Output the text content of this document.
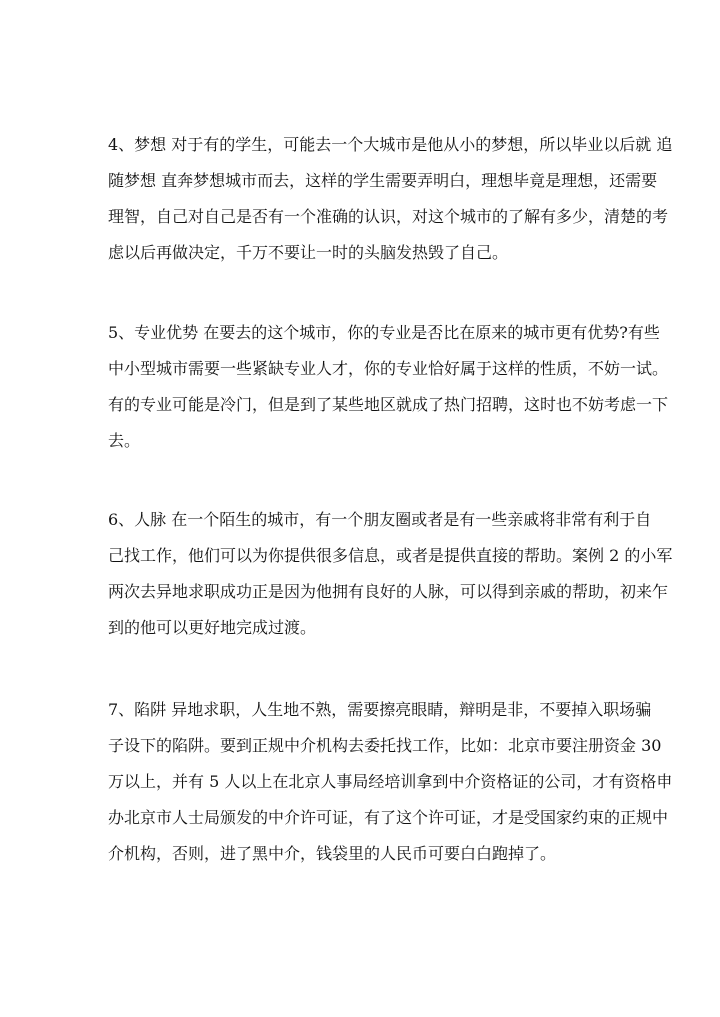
4、梦想 对于有的学生，可能去一个大城市是他从小的梦想，所以毕业以后就 追
随梦想 直奔梦想城市而去，这样的学生需要弄明白，理想毕竟是理想，还需要
理智，自己对自己是否有一个准确的认识，对这个城市的了解有多少，清楚的考
虑以后再做决定，千万不要让一时的头脑发热毁了自己。
5、专业优势 在要去的这个城市，你的专业是否比在原来的城市更有优势?有些
中小型城市需要一些紧缺专业人才，你的专业恰好属于这样的性质，不妨一试。
有的专业可能是冷门，但是到了某些地区就成了热门招聘，这时也不妨考虑一下
去。
6、人脉 在一个陌生的城市，有一个朋友圈或者是有一些亲戚将非常有利于自
己找工作，他们可以为你提供很多信息，或者是提供直接的帮助。案例 2 的小军
两次去异地求职成功正是因为他拥有良好的人脉，可以得到亲戚的帮助，初来乍
到的他可以更好地完成过渡。
7、陷阱 异地求职，人生地不熟，需要擦亮眼睛，辩明是非，不要掉入职场骗
子设下的陷阱。要到正规中介机构去委托找工作，比如：北京市要注册资金 30
万以上，并有 5 人以上在北京人事局经培训拿到中介资格证的公司，才有资格申
办北京市人士局颁发的中介许可证，有了这个许可证，才是受国家约束的正规中
介机构，否则，进了黑中介，钱袋里的人民币可要白白跑掉了。
